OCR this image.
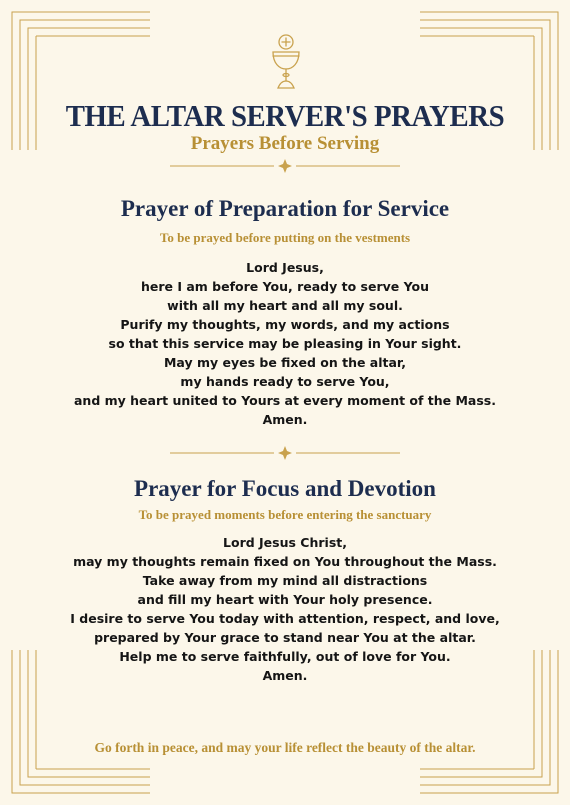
THE ALTAR SERVER'S PRAYERS
Prayers Before Serving
Prayer of Preparation for Service
To be prayed before putting on the vestments
Lord Jesus,
here I am before You, ready to serve You
with all my heart and all my soul.
Purify my thoughts, my words, and my actions
so that this service may be pleasing in Your sight.
May my eyes be fixed on the altar,
my hands ready to serve You,
and my heart united to Yours at every moment of the Mass.
Amen.
Prayer for Focus and Devotion
To be prayed moments before entering the sanctuary
Lord Jesus Christ,
may my thoughts remain fixed on You throughout the Mass.
Take away from my mind all distractions
and fill my heart with Your holy presence.
I desire to serve You today with attention, respect, and love,
prepared by Your grace to stand near You at the altar.
Help me to serve faithfully, out of love for You.
Amen.
Go forth in peace, and may your life reflect the beauty of the altar.
